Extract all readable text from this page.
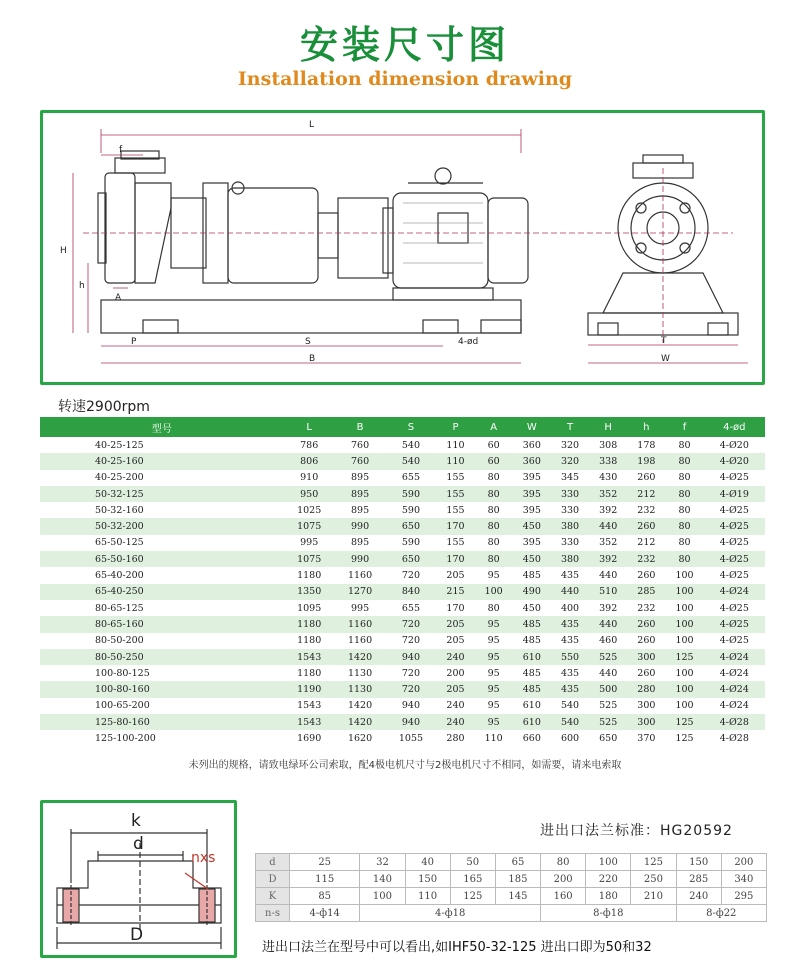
安装尺寸图
Installation dimension drawing
L
f
H
h
A
P	S
B
4-ød	T
W
转速2900rpm
型号	L	B	S	P	A	W	T	H	h	f	4-ød
40-25-125	786	760	540	110	60	360	320	308	178	80	4-Ø20
40-25-160	806	760	540	110	60	360	320	338	198	80	4-Ø20
40-25-200	910	895	655	155	80	395	345	430	260	80	4-Ø25
50-32-125	950	895	590	155	80	395	330	352	212	80	4-Ø19
50-32-160	1025	895	590	155	80	395	330	392	232	80	4-Ø25
50-32-200	1075	990	650	170	80	450	380	440	260	80	4-Ø25
65-50-125	995	895	590	155	80	395	330	352	212	80	4-Ø25
65-50-160	1075	990	650	170	80	450	380	392	232	80	4-Ø25
65-40-200	1180	1160	720	205	95	485	435	440	260	100	4-Ø25
65-40-250	1350	1270	840	215	100	490	440	510	285	100	4-Ø24
80-65-125	1095	995	655	170	80	450	400	392	232	100	4-Ø25
80-65-160	1180	1160	720	205	95	485	435	440	260	100	4-Ø25
80-50-200	1180	1160	720	205	95	485	435	460	260	100	4-Ø25
80-50-250	1543	1420	940	240	95	610	550	525	300	125	4-Ø24
100-80-125	1180	1130	720	200	95	485	435	440	260	100	4-Ø24
100-80-160	1190	1130	720	205	95	485	435	500	280	100	4-Ø24
100-65-200	1543	1420	940	240	95	610	540	525	300	100	4-Ø24
125-80-160	1543	1420	940	240	95	610	540	525	300	125	4-Ø28
125-100-200	1690	1620	1055	280	110	660	600	650	370	125	4-Ø28
未列出的规格，请致电绿环公司索取，配4极电机尺寸与2极电机尺寸不相同，如需要，请来电索取
k
d
nxs
D
进出口法兰标准：HG20592
d	25	32	40	50	65	80	100	125	150	200
D	115	140	150	165	185	200	220	250	285	340
K	85	100	110	125	145	160	180	210	240	295
n-s	4-ф14	4-ф18				8-ф18			8-ф22	
进出口法兰在型号中可以看出,如IHF50-32-125 进出口即为50和32
